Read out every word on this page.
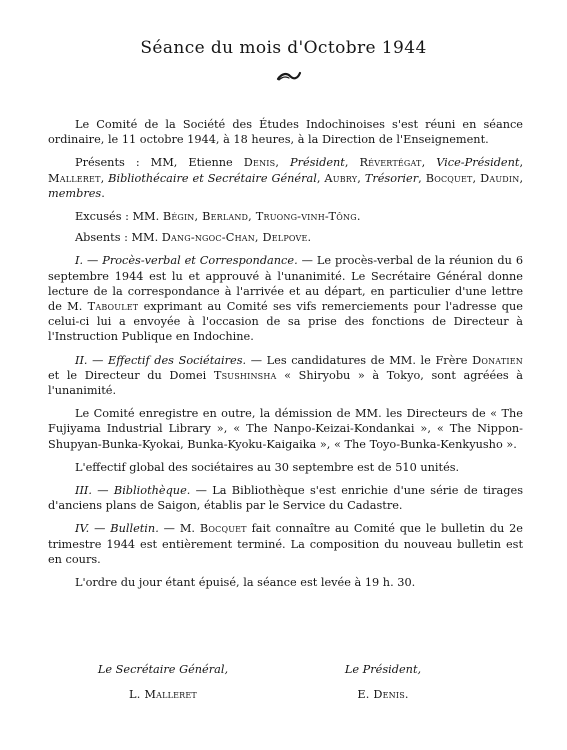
Séance du mois d'Octobre 1944

Le Comité de la Société des Études Indochinoises s'est réuni en séance ordinaire, le 11 octobre 1944, à 18 heures, à la Direction de l'Enseignement.

Présents : MM, Etienne Denis, Président, Révertégat, Vice-Président, Malleret, Bibliothécaire et Secrétaire Général, Aubry, Trésorier, Bocquet, Daudin, membres.

Excusés : MM. Bégin, Berland, Truong-vinh-Tông.

Absents : MM. Dang-ngoc-Chan, Delpove.

I. — Procès-verbal et Correspondance. — Le procès-verbal de la réunion du 6 septembre 1944 est lu et approuvé à l'unanimité. Le Secrétaire Général donne lecture de la correspondance à l'arrivée et au départ, en particulier d'une lettre de M. Taboulet exprimant au Comité ses vifs remerciements pour l'adresse que celui-ci lui a envoyée à l'occasion de sa prise des fonctions de Directeur à l'Instruction Publique en Indochine.

II. — Effectif des Sociétaires. — Les candidatures de MM. le Frère Donatien et le Directeur du Domei Tsushinsha « Shiryobu » à Tokyo, sont agréées à l'unanimité.

Le Comité enregistre en outre, la démission de MM. les Directeurs de « The Fujiyama Industrial Library », « The Nanpo-Keizai-Kondankai », « The Nippon-Shupyan-Bunka-Kyokai, Bunka-Kyoku-Kaigaika », « The Toyo-Bunka-Kenkyusho ».

L'effectif global des sociétaires au 30 septembre est de 510 unités.

III. — Bibliothèque. — La Bibliothèque s'est enrichie d'une série de tirages d'anciens plans de Saigon, établis par le Service du Cadastre.

IV. — Bulletin. — M. Bocquet fait connaître au Comité que le bulletin du 2e trimestre 1944 est entièrement terminé. La composition du nouveau bulletin est en cours.

L'ordre du jour étant épuisé, la séance est levée à 19 h. 30.

Le Secrétaire Général,
L. Malleret
Le Président,
E. Denis.
